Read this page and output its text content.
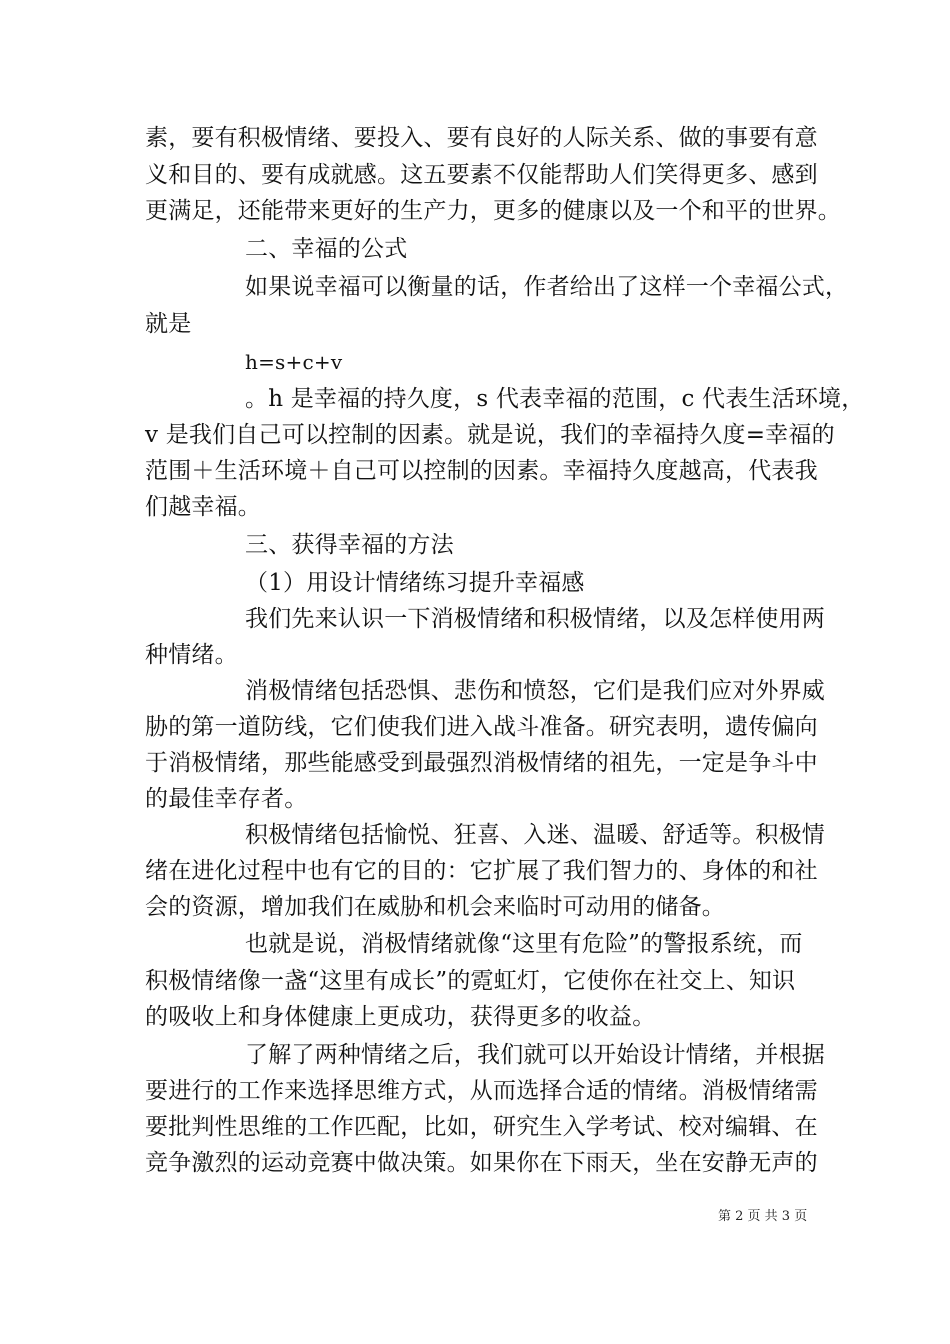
素，要有积极情绪、要投入、要有良好的人际关系、做的事要有意
义和目的、要有成就感。这五要素不仅能帮助人们笑得更多、感到
更满足，还能带来更好的生产力，更多的健康以及一个和平的世界。
二、幸福的公式
如果说幸福可以衡量的话，作者给出了这样一个幸福公式，
就是
h=s+c+v
。h 是幸福的持久度，s 代表幸福的范围，c 代表生活环境，
v 是我们自己可以控制的因素。就是说，我们的幸福持久度=幸福的
范围＋生活环境＋自己可以控制的因素。幸福持久度越高，代表我
们越幸福。
三、获得幸福的方法
（1）用设计情绪练习提升幸福感
我们先来认识一下消极情绪和积极情绪，以及怎样使用两
种情绪。
消极情绪包括恐惧、悲伤和愤怒，它们是我们应对外界威
胁的第一道防线，它们使我们进入战斗准备。研究表明，遗传偏向
于消极情绪，那些能感受到最强烈消极情绪的祖先，一定是争斗中
的最佳幸存者。
积极情绪包括愉悦、狂喜、入迷、温暖、舒适等。积极情
绪在进化过程中也有它的目的：它扩展了我们智力的、身体的和社
会的资源，增加我们在威胁和机会来临时可动用的储备。
也就是说，消极情绪就像“这里有危险”的警报系统，而
积极情绪像一盏“这里有成长”的霓虹灯，它使你在社交上、知识
的吸收上和身体健康上更成功，获得更多的收益。
了解了两种情绪之后，我们就可以开始设计情绪，并根据
要进行的工作来选择思维方式，从而选择合适的情绪。消极情绪需
要批判性思维的工作匹配，比如，研究生入学考试、校对编辑、在
竞争激烈的运动竞赛中做决策。如果你在下雨天，坐在安静无声的
第 2 页 共 3 页
